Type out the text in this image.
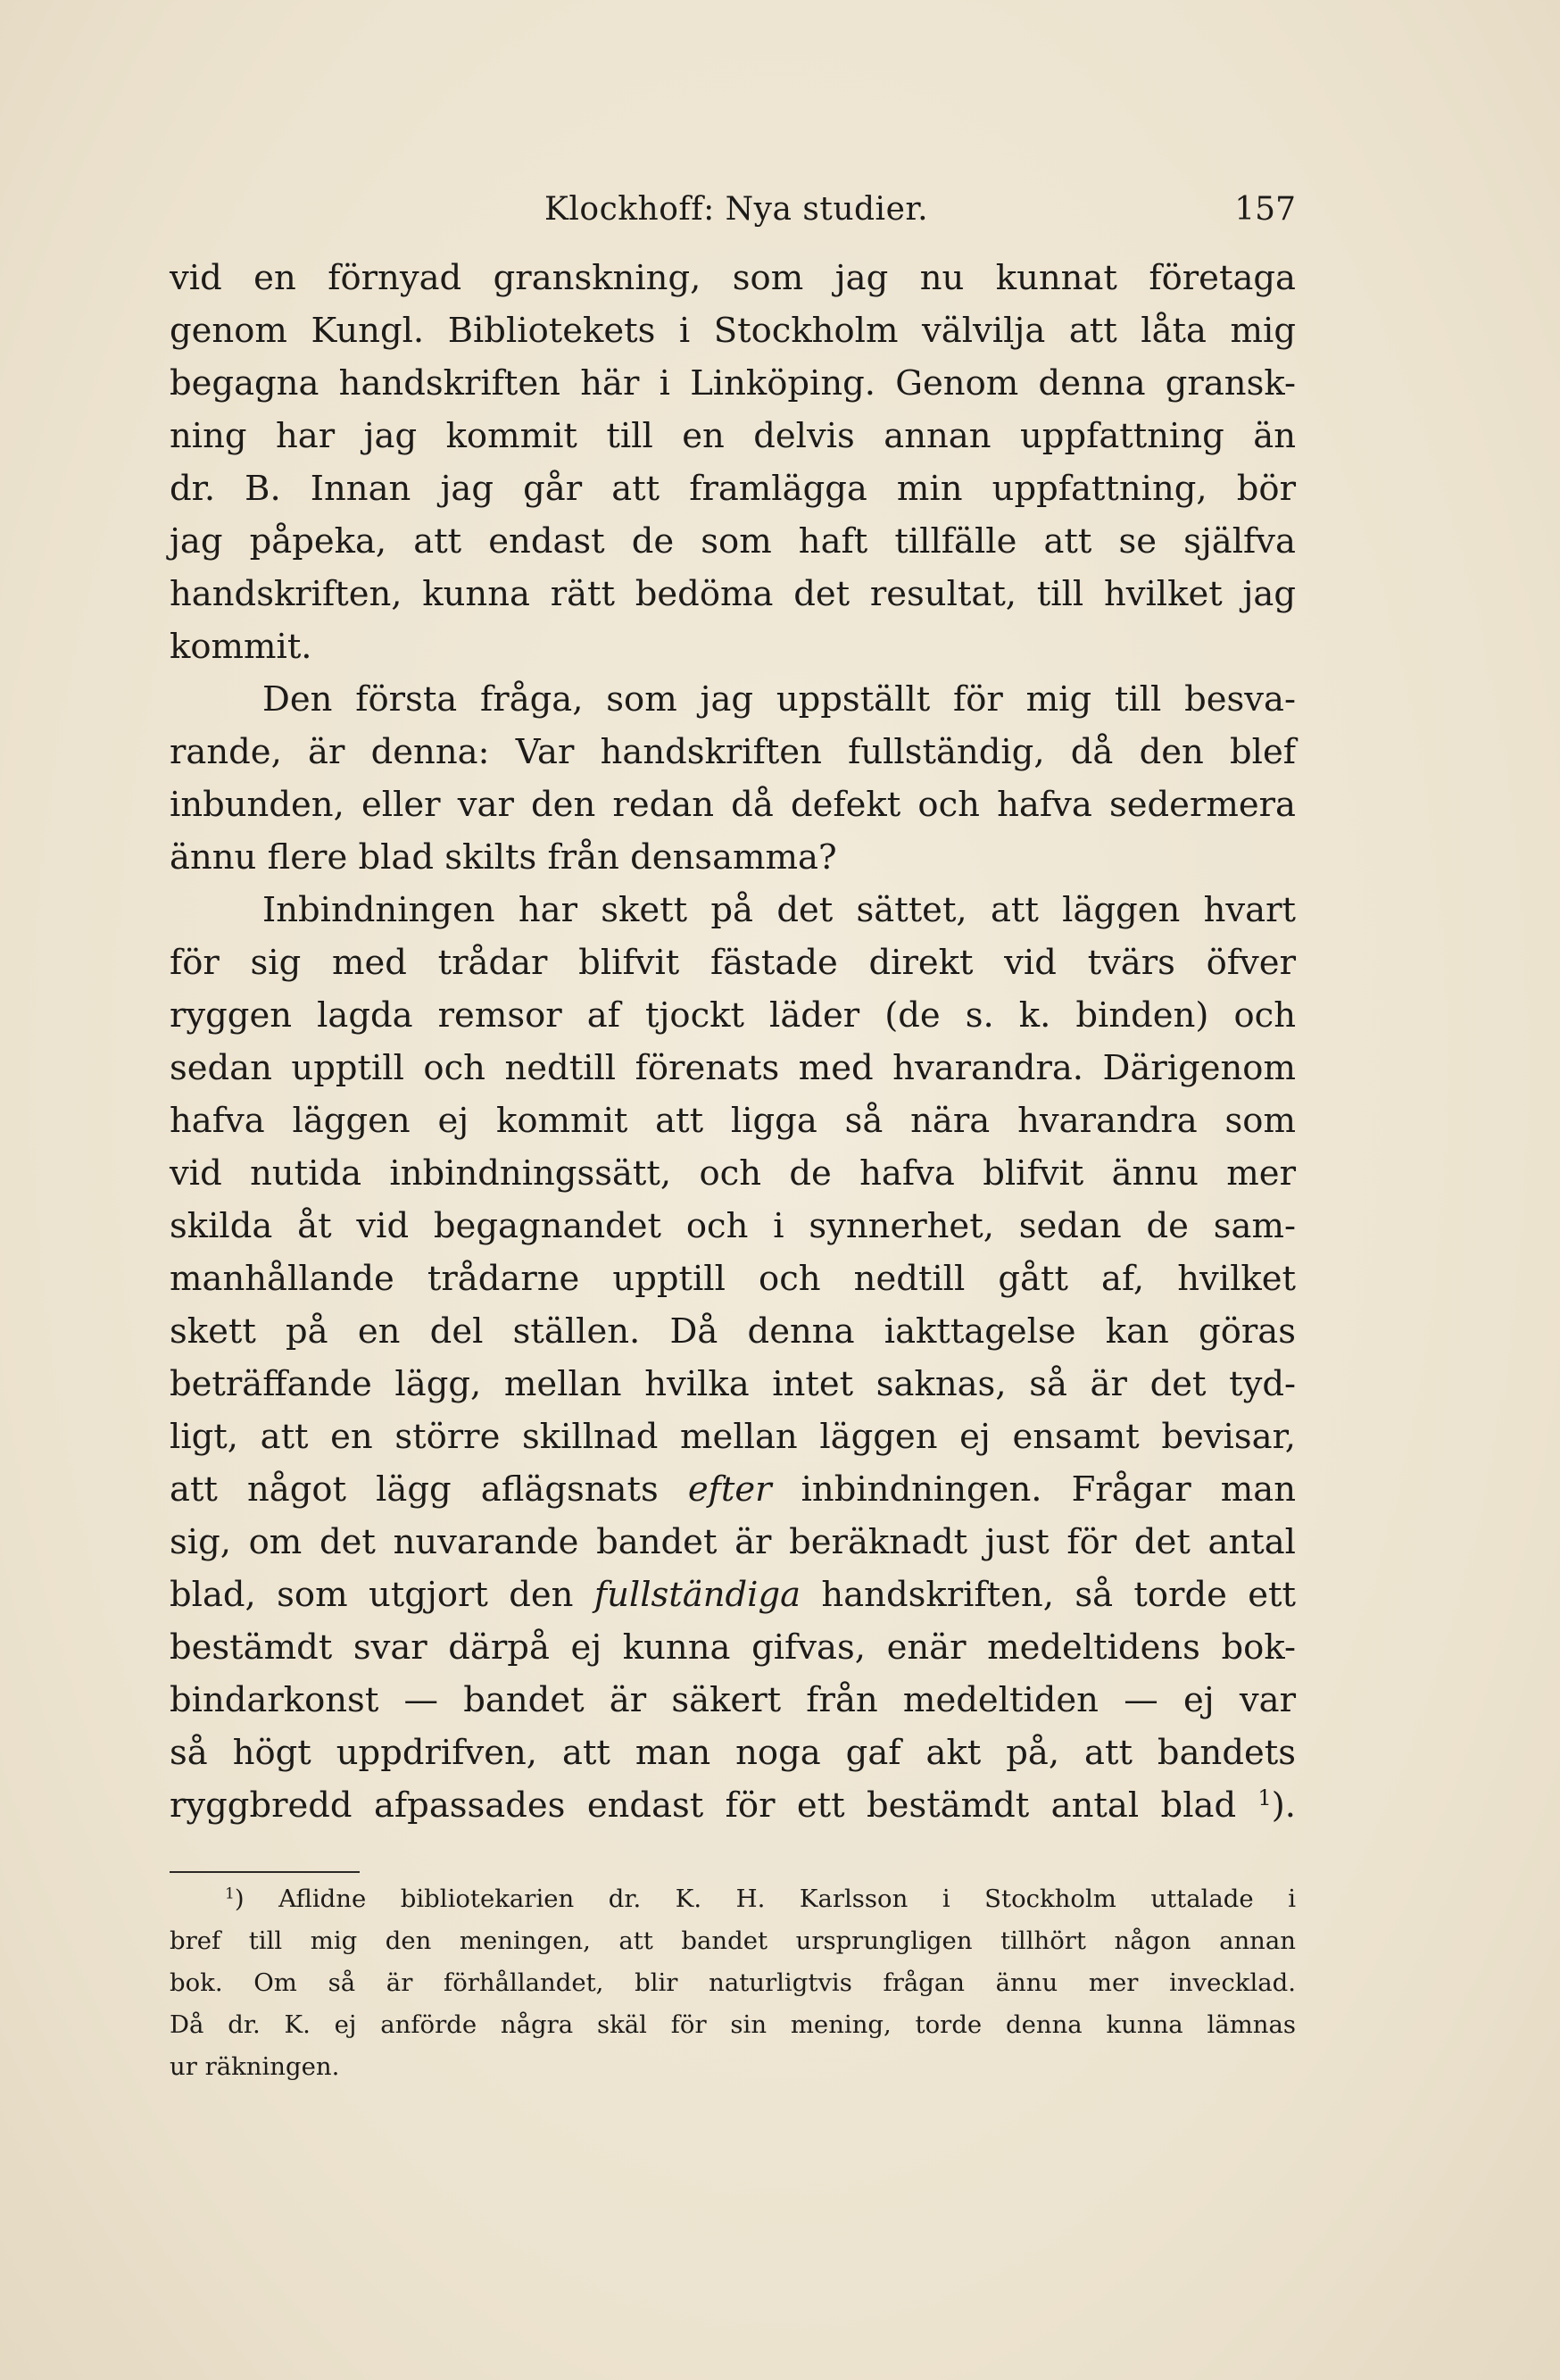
Klockhoff: Nya studier.	157
vid en förnyad granskning, som jag nu kunnat företaga
genom Kungl. Bibliotekets i Stockholm välvilja att låta mig
begagna handskriften här i Linköping. Genom denna gransk-
ning har jag kommit till en delvis annan uppfattning än
dr. B. Innan jag går att framlägga min uppfattning, bör
jag påpeka, att endast de som haft tillfälle att se själfva
handskriften, kunna rätt bedöma det resultat, till hvilket jag
kommit.
Den första fråga, som jag uppställt för mig till besva-
rande, är denna: Var handskriften fullständig, då den blef
inbunden, eller var den redan då defekt och hafva sedermera
ännu flere blad skilts från densamma?
Inbindningen har skett på det sättet, att läggen hvart
för sig med trådar blifvit fästade direkt vid tvärs öfver
ryggen lagda remsor af tjockt läder (de s. k. binden) och
sedan upptill och nedtill förenats med hvarandra. Därigenom
hafva läggen ej kommit att ligga så nära hvarandra som
vid nutida inbindningssätt, och de hafva blifvit ännu mer
skilda åt vid begagnandet och i synnerhet, sedan de sam-
manhållande trådarne upptill och nedtill gått af, hvilket
skett på en del ställen. Då denna iakttagelse kan göras
beträffande lägg, mellan hvilka intet saknas, så är det tyd-
ligt, att en större skillnad mellan läggen ej ensamt bevisar,
att något lägg aflägsnats efter inbindningen. Frågar man
sig, om det nuvarande bandet är beräknadt just för det antal
blad, som utgjort den fullständiga handskriften, så torde ett
bestämdt svar därpå ej kunna gifvas, enär medeltidens bok-
bindarkonst — bandet är säkert från medeltiden — ej var
så högt uppdrifven, att man noga gaf akt på, att bandets
ryggbredd afpassades endast för ett bestämdt antal blad $^1$).
$^1$) Aflidne bibliotekarien dr. K. H. Karlsson i Stockholm uttalade i
bref till mig den meningen, att bandet ursprungligen tillhört någon annan
bok. Om så är förhållandet, blir naturligtvis frågan ännu mer invecklad.
Då dr. K. ej anförde några skäl för sin mening, torde denna kunna lämnas
ur räkningen.
